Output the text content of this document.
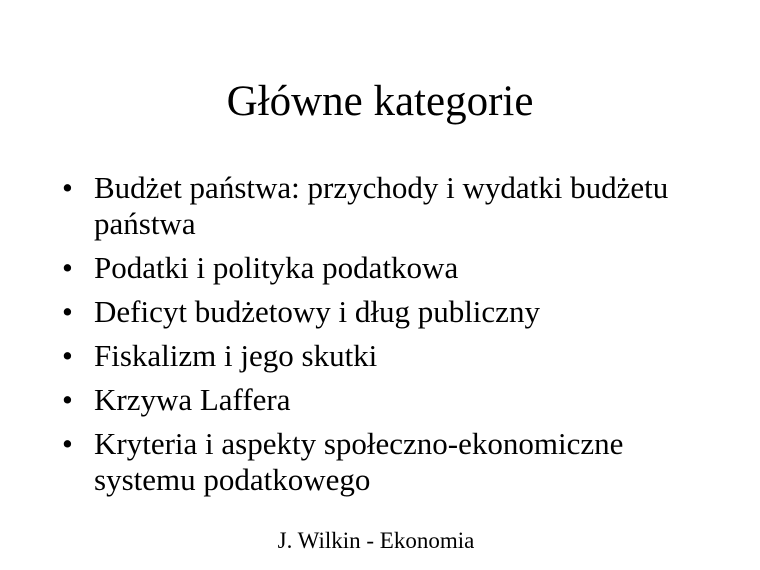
Główne kategorie
• Budżet państwa: przychody i wydatki budżetu państwa
• Podatki i polityka podatkowa
• Deficyt budżetowy i dług publiczny
• Fiskalizm i jego skutki
• Krzywa Laffera
• Kryteria i aspekty społeczno-ekonomiczne systemu podatkowego
J. Wilkin - Ekonomia
